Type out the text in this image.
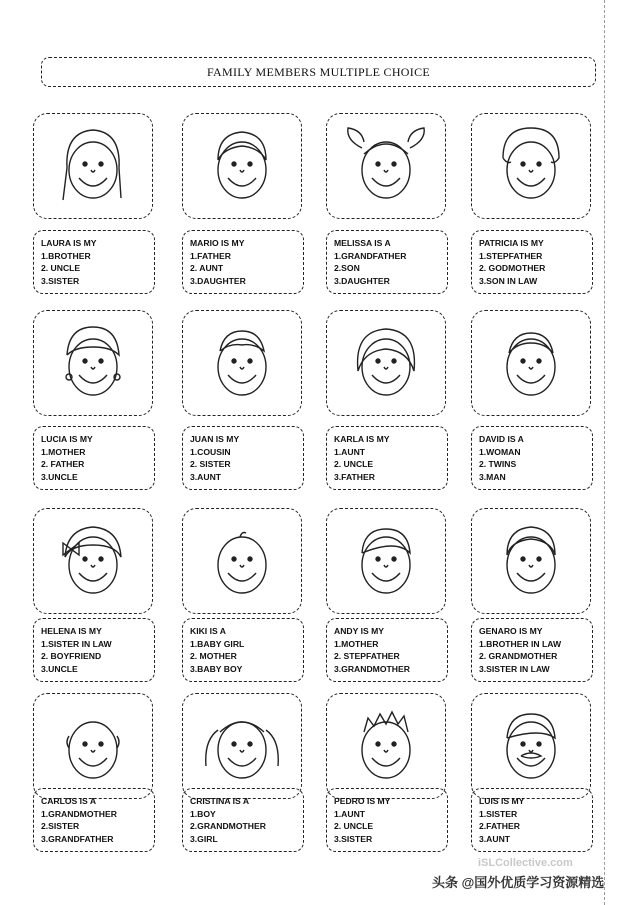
FAMILY MEMBERS MULTIPLE CHOICE
LAURA IS MY
1.BROTHER
2. UNCLE
3.SISTER
MARIO IS MY
1.FATHER
2. AUNT
3.DAUGHTER
MELISSA IS A
1.GRANDFATHER
2.SON
3.DAUGHTER
PATRICIA IS MY
1.STEPFATHER
2. GODMOTHER
3.SON IN LAW
LUCIA IS MY
1.MOTHER
2. FATHER
3.UNCLE
JUAN IS MY
1.COUSIN
2. SISTER
3.AUNT
KARLA IS MY
1.AUNT
2. UNCLE
3.FATHER
DAVID IS A
1.WOMAN
2. TWINS
3.MAN
HELENA IS MY
1.SISTER IN LAW
2. BOYFRIEND
3.UNCLE
KIKI IS A
1.BABY GIRL
2. MOTHER
3.BABY BOY
ANDY IS MY
1.MOTHER
2. STEPFATHER
3.GRANDMOTHER
GENARO IS MY
1.BROTHER IN LAW
2. GRANDMOTHER
3.SISTER IN LAW
CARLOS IS A
1.GRANDMOTHER
2.SISTER
3.GRANDFATHER
CRISTINA IS A
1.BOY
2.GRANDMOTHER
3.GIRL
PEDRO IS MY
1.AUNT
2. UNCLE
3.SISTER
LUIS IS MY
1.SISTER
2.FATHER
3.AUNT
iSLCollective.com
头条 @国外优质学习资源精选
